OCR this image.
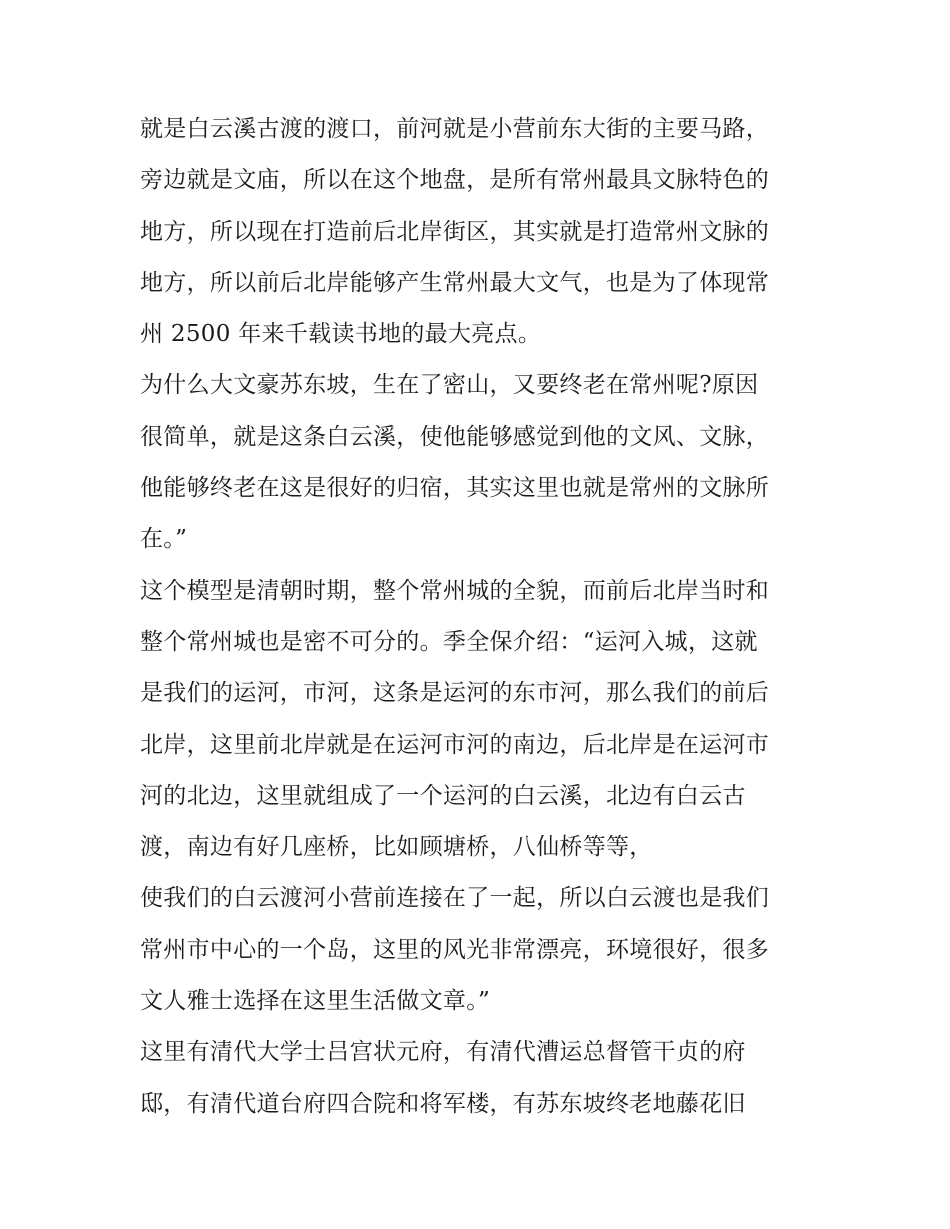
就是白云溪古渡的渡口，前河就是小营前东大街的主要马路，
旁边就是文庙，所以在这个地盘，是所有常州最具文脉特色的
地方，所以现在打造前后北岸街区，其实就是打造常州文脉的
地方，所以前后北岸能够产生常州最大文气，也是为了体现常
州 2500 年来千载读书地的最大亮点。
为什么大文豪苏东坡，生在了密山，又要终老在常州呢?原因
很简单，就是这条白云溪，使他能够感觉到他的文风、文脉，
他能够终老在这是很好的归宿，其实这里也就是常州的文脉所
在。”
这个模型是清朝时期，整个常州城的全貌，而前后北岸当时和
整个常州城也是密不可分的。季全保介绍：“运河入城，这就
是我们的运河，市河，这条是运河的东市河，那么我们的前后
北岸，这里前北岸就是在运河市河的南边，后北岸是在运河市
河的北边，这里就组成了一个运河的白云溪，北边有白云古
渡，南边有好几座桥，比如顾塘桥，八仙桥等等，
使我们的白云渡河小营前连接在了一起，所以白云渡也是我们
常州市中心的一个岛，这里的风光非常漂亮，环境很好，很多
文人雅士选择在这里生活做文章。”
这里有清代大学士吕宫状元府，有清代漕运总督管干贞的府
邸，有清代道台府四合院和将军楼，有苏东坡终老地藤花旧
